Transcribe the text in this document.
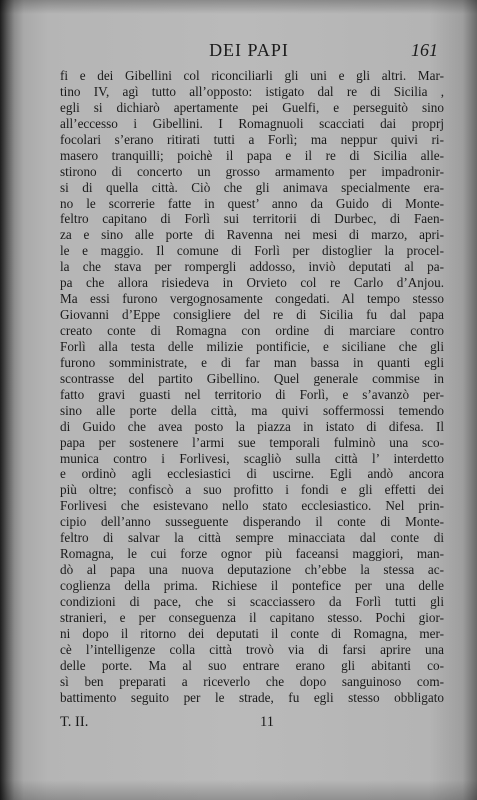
DEI PAPI	161
fi e dei Gibellini col riconciliarli gli uni e gli altri. Mar-
tino IV, agì tutto all’opposto: istigato dal re di Sicilia ,
egli si dichiarò apertamente pei Guelfi, e perseguitò sino
all’eccesso i Gibellini. I Romagnuoli scacciati dai proprj
focolari s’erano ritirati tutti a Forlì; ma neppur quivi ri-
masero tranquilli; poichè il papa e il re di Sicilia alle-
stirono di concerto un grosso armamento per impadronir-
si di quella città. Ciò che gli animava specialmente era-
no le scorrerie fatte in quest’ anno da Guido di Monte-
feltro capitano di Forlì sui territorii di Durbec, di Faen-
za e sino alle porte di Ravenna nei mesi di marzo, apri-
le e maggio. Il comune di Forlì per distoglier la procel-
la che stava per rompergli addosso, inviò deputati al pa-
pa che allora risiedeva in Orvieto col re Carlo d’Anjou.
Ma essi furono vergognosamente congedati. Al tempo stesso
Giovanni d’Eppe consigliere del re di Sicilia fu dal papa
creato conte di Romagna con ordine di marciare contro
Forlì alla testa delle milizie pontificie, e siciliane che gli
furono somministrate, e di far man bassa in quanti egli
scontrasse del partito Gibellino. Quel generale commise in
fatto gravi guasti nel territorio di Forlì, e s’avanzò per-
sino alle porte della città, ma quivi soffermossi temendo
di Guido che avea posto la piazza in istato di difesa. Il
papa per sostenere l’armi sue temporali fulminò una sco-
munica contro i Forlivesi, scagliò sulla città l’ interdetto
e ordinò agli ecclesiastici di uscirne. Egli andò ancora
più oltre; confiscò a suo profitto i fondi e gli effetti dei
Forlivesi che esistevano nello stato ecclesiastico. Nel prin-
cipio dell’anno susseguente disperando il conte di Monte-
feltro di salvar la città sempre minacciata dal conte di
Romagna, le cui forze ognor più faceansi maggiori, man-
dò al papa una nuova deputazione ch’ebbe la stessa ac-
coglienza della prima. Richiese il pontefice per una delle
condizioni di pace, che si scacciassero da Forlì tutti gli
stranieri, e per conseguenza il capitano stesso. Pochi gior-
ni dopo il ritorno dei deputati il conte di Romagna, mer-
cè l’intelligenze colla città trovò via di farsi aprire una
delle porte. Ma al suo entrare erano gli abitanti co-
sì ben preparati a riceverlo che dopo sanguinoso com-
battimento seguito per le strade, fu egli stesso obbligato
T. II.	11
